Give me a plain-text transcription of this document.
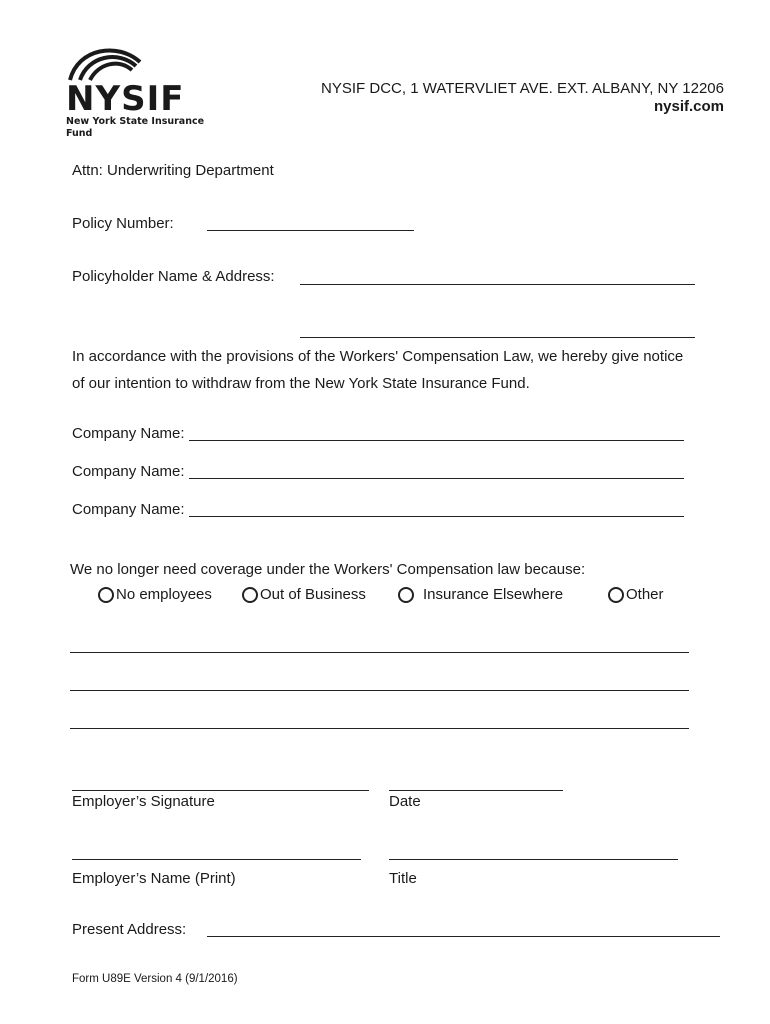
NYSIF
New York State Insurance Fund
NYSIF DCC, 1 WATERVLIET AVE. EXT. ALBANY, NY 12206
nysif.com
Attn: Underwriting Department
Policy Number:
Policyholder Name & Address:
In accordance with the provisions of the Workers' Compensation Law, we hereby give notice
of our intention to withdraw from the New York State Insurance Fund.
Company Name:
Company Name:
Company Name:
We no longer need coverage under the Workers' Compensation law because:
No employees	Out of Business	Insurance Elsewhere	Other
Employer’s Signature	Date
Employer’s Name (Print)	Title
Present Address:
Form U89E Version 4 (9/1/2016)
